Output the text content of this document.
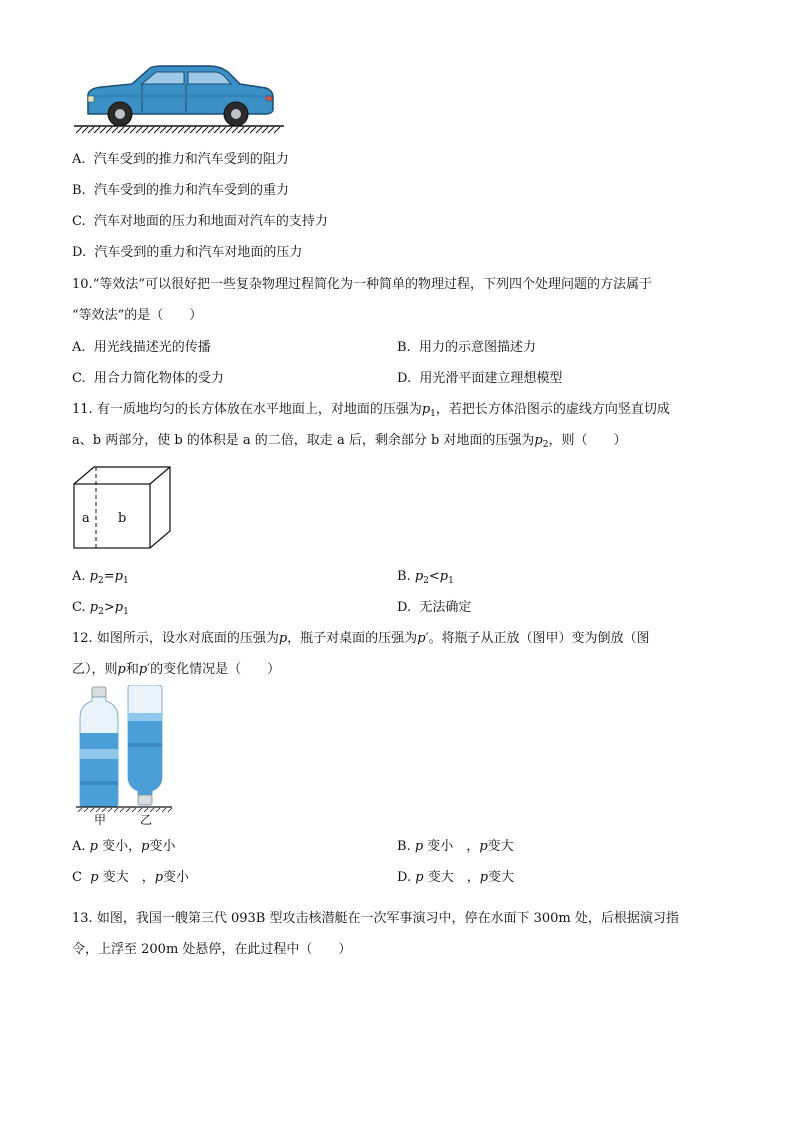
A. 汽车受到的推力和汽车受到的阻力
B. 汽车受到的推力和汽车受到的重力
C. 汽车对地面的压力和地面对汽车的支持力
D. 汽车受到的重力和汽车对地面的压力
10.“等效法”可以很好把一些复杂物理过程简化为一种简单的物理过程，下列四个处理问题的方法属于
“等效法”的是（　　）
A. 用光线描述光的传播	B. 用力的示意图描述力
C. 用合力简化物体的受力	D. 用光滑平面建立理想模型
11. 有一质地均匀的长方体放在水平地面上，对地面的压强为$p_1$，若把长方体沿图示的虚线方向竖直切成
a、b 两部分，使 b 的体积是 a 的二倍，取走 a 后，剩余部分 b 对地面的压强为$p_2$，则（　　）
a b
A. $p_2=p_1$	B. $p_2<p_1$
C. $p_2>p_1$	D. 无法确定
12. 如图所示，设水对底面的压强为p，瓶子对桌面的压强为p′。将瓶子从正放（图甲）变为倒放（图
乙），则p和p′的变化情况是（　　）
甲	乙
A. p 变小，p变小	B. p 变小　，p变大
C p 变大　，p变小	D. p 变大　，p变大
13. 如图，我国一艘第三代 093B 型攻击核潜艇在一次军事演习中，停在水面下 300m 处，后根据演习指
令，上浮至 200m 处悬停，在此过程中（　　）
